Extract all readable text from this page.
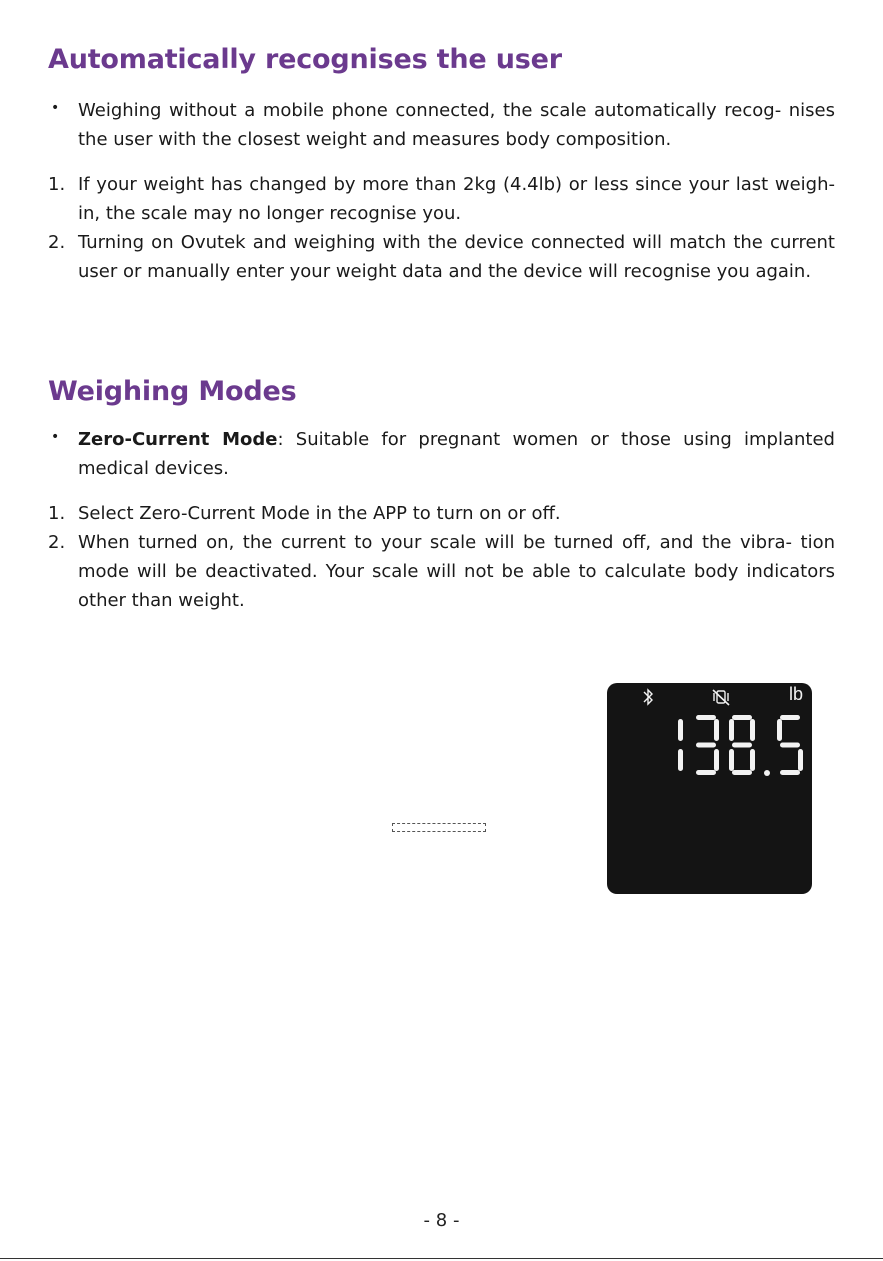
Automatically recognises the user
• Weighing without a mobile phone connected, the scale automatically recog- nises the user with the closest weight and measures body composition.
1. If your weight has changed by more than 2kg (4.4lb) or less since your last weigh-in, the scale may no longer recognise you.
2. Turning on Ovutek and weighing with the device connected will match the current user or manually enter your weight data and the device will recognise you again.
Weighing Modes
• Zero-Current Mode: Suitable for pregnant women or those using implanted medical devices.
1. Select Zero-Current Mode in the APP to turn on or off.
2. When turned on, the current to your scale will be turned off, and the vibra- tion mode will be deactivated. Your scale will not be able to calculate body indicators other than weight.
lb
- 8 -
